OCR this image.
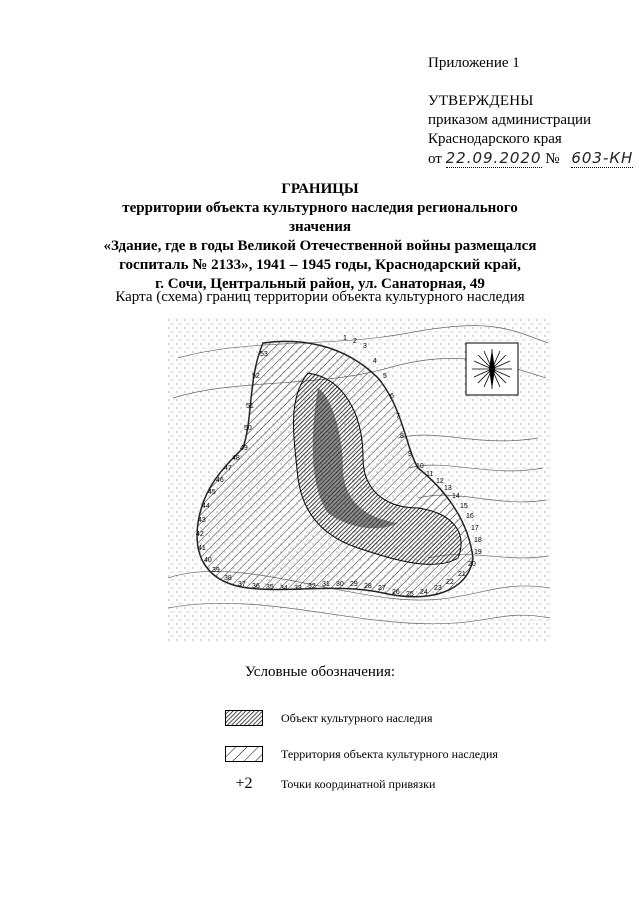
Приложение 1
УТВЕРЖДЕНЫ
приказом администрации
Краснодарского края
от 22.09.2020 № 603-КН
ГРАНИЦЫ
территории объекта культурного наследия регионального значения
«Здание, где в годы Великой Отечественной войны размещался
госпиталь № 2133», 1941 – 1945 годы, Краснодарский край,
г. Сочи, Центральный район, ул. Санаторная, 49
Карта (схема) границ территории объекта культурного наследия
1 2
3
4
5
6
7
8
9
10
11
12
13
14
15
16
17
18
19
20
21
22
23
24
25
26
27
28
29
30
31
32
33
34
35
36
37
38
39
40
41
42
43
44
45
46
47
48
49
50
51
52
53
Условные обозначения:
Объект культурного наследия
Территория объекта культурного наследия
+2	Точки координатной привязки
